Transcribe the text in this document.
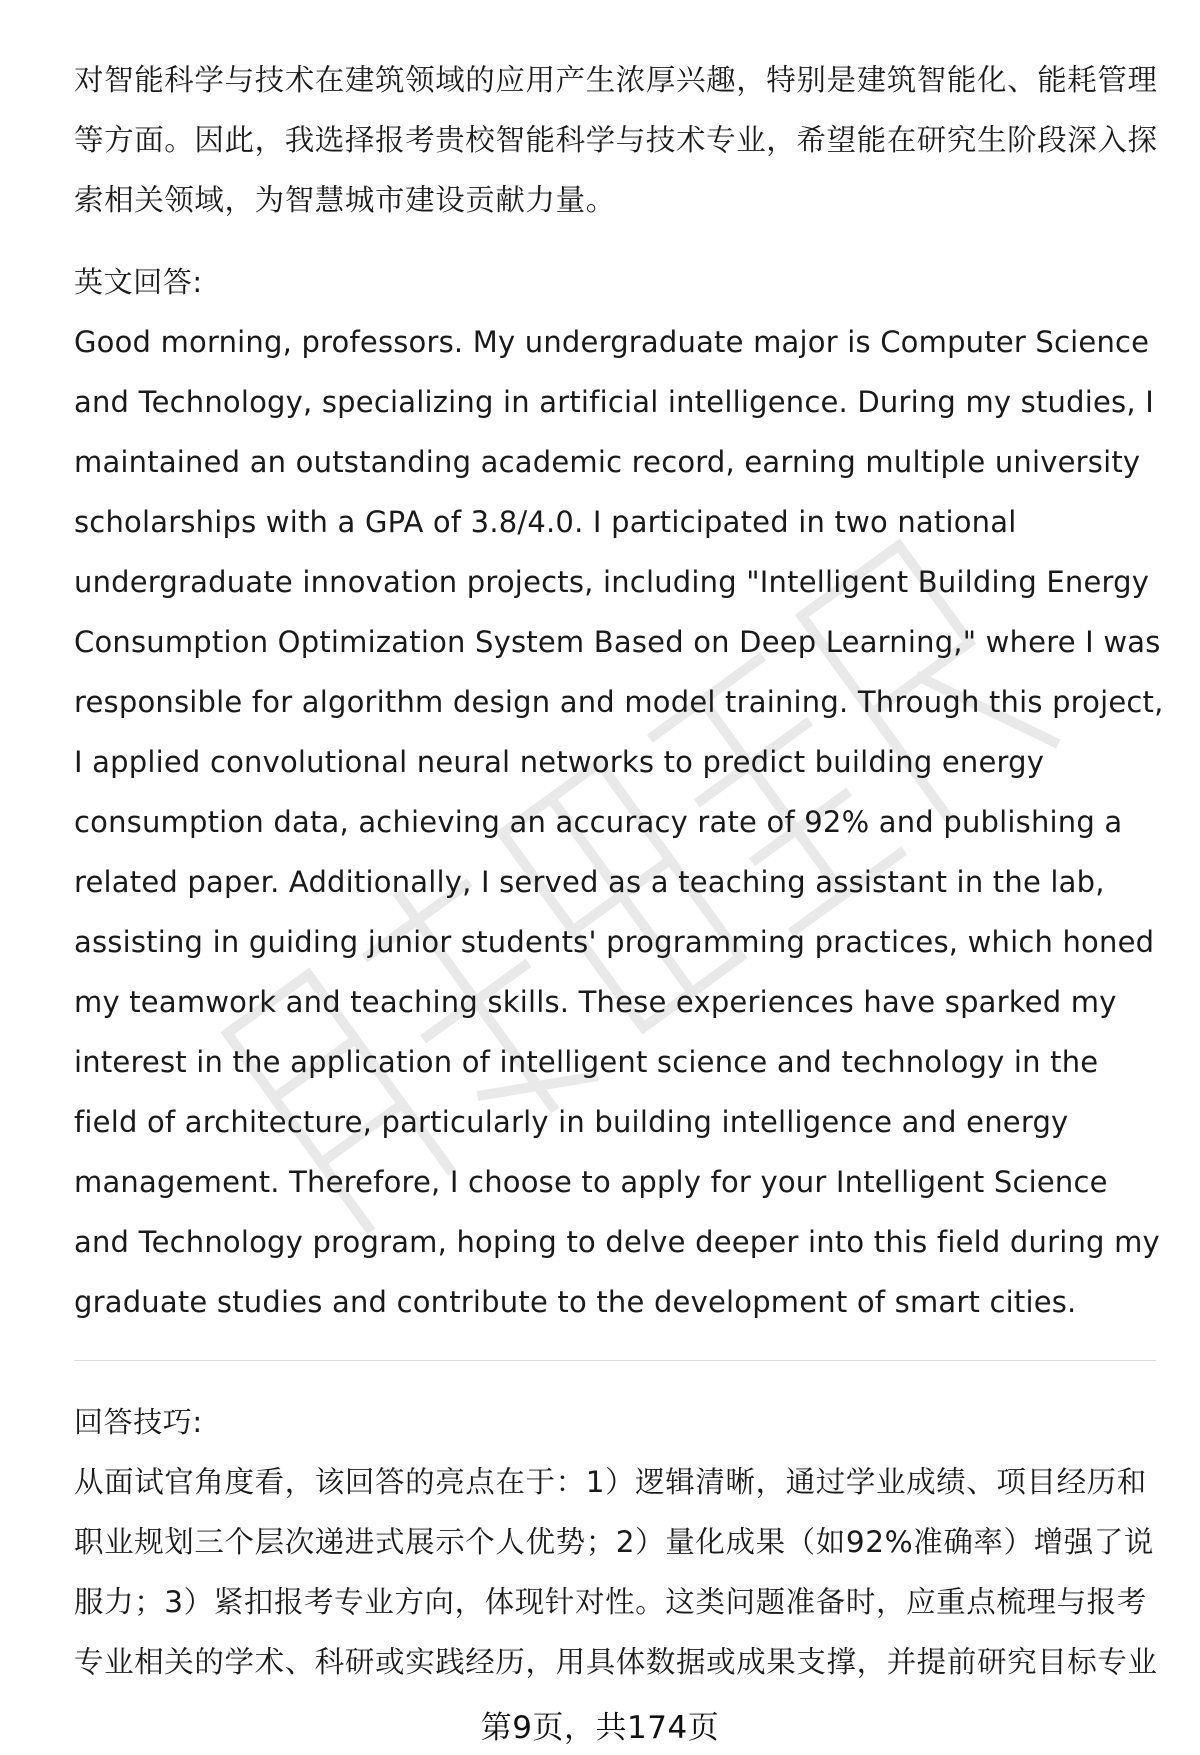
对智能科学与技术在建筑领域的应用产生浓厚兴趣，特别是建筑智能化、能耗管理等方面。因此，我选择报考贵校智能科学与技术专业，希望能在研究生阶段深入探索相关领域，为智慧城市建设贡献力量。

英文回答:

Good morning, professors. My undergraduate major is Computer Science and Technology, specializing in artificial intelligence. During my studies, I maintained an outstanding academic record, earning multiple university scholarships with a GPA of 3.8/4.0. I participated in two national undergraduate innovation projects, including "Intelligent Building Energy Consumption Optimization System Based on Deep Learning," where I was responsible for algorithm design and model training. Through this project, I applied convolutional neural networks to predict building energy consumption data, achieving an accuracy rate of 92% and publishing a related paper. Additionally, I served as a teaching assistant in the lab, assisting in guiding junior students' programming practices, which honed my teamwork and teaching skills. These experiences have sparked my interest in the application of intelligent science and technology in the field of architecture, particularly in building intelligence and energy management. Therefore, I choose to apply for your Intelligent Science and Technology program, hoping to delve deeper into this field during my graduate studies and contribute to the development of smart cities.

回答技巧:

从面试官角度看，该回答的亮点在于：1）逻辑清晰，通过学业成绩、项目经历和职业规划三个层次递进式展示个人优势；2）量化成果（如92%准确率）增强了说服力；3）紧扣报考专业方向，体现针对性。这类问题准备时，应重点梳理与报考专业相关的学术、科研或实践经历，用具体数据或成果支撑，并提前研究目标专业

第9页，共174页
